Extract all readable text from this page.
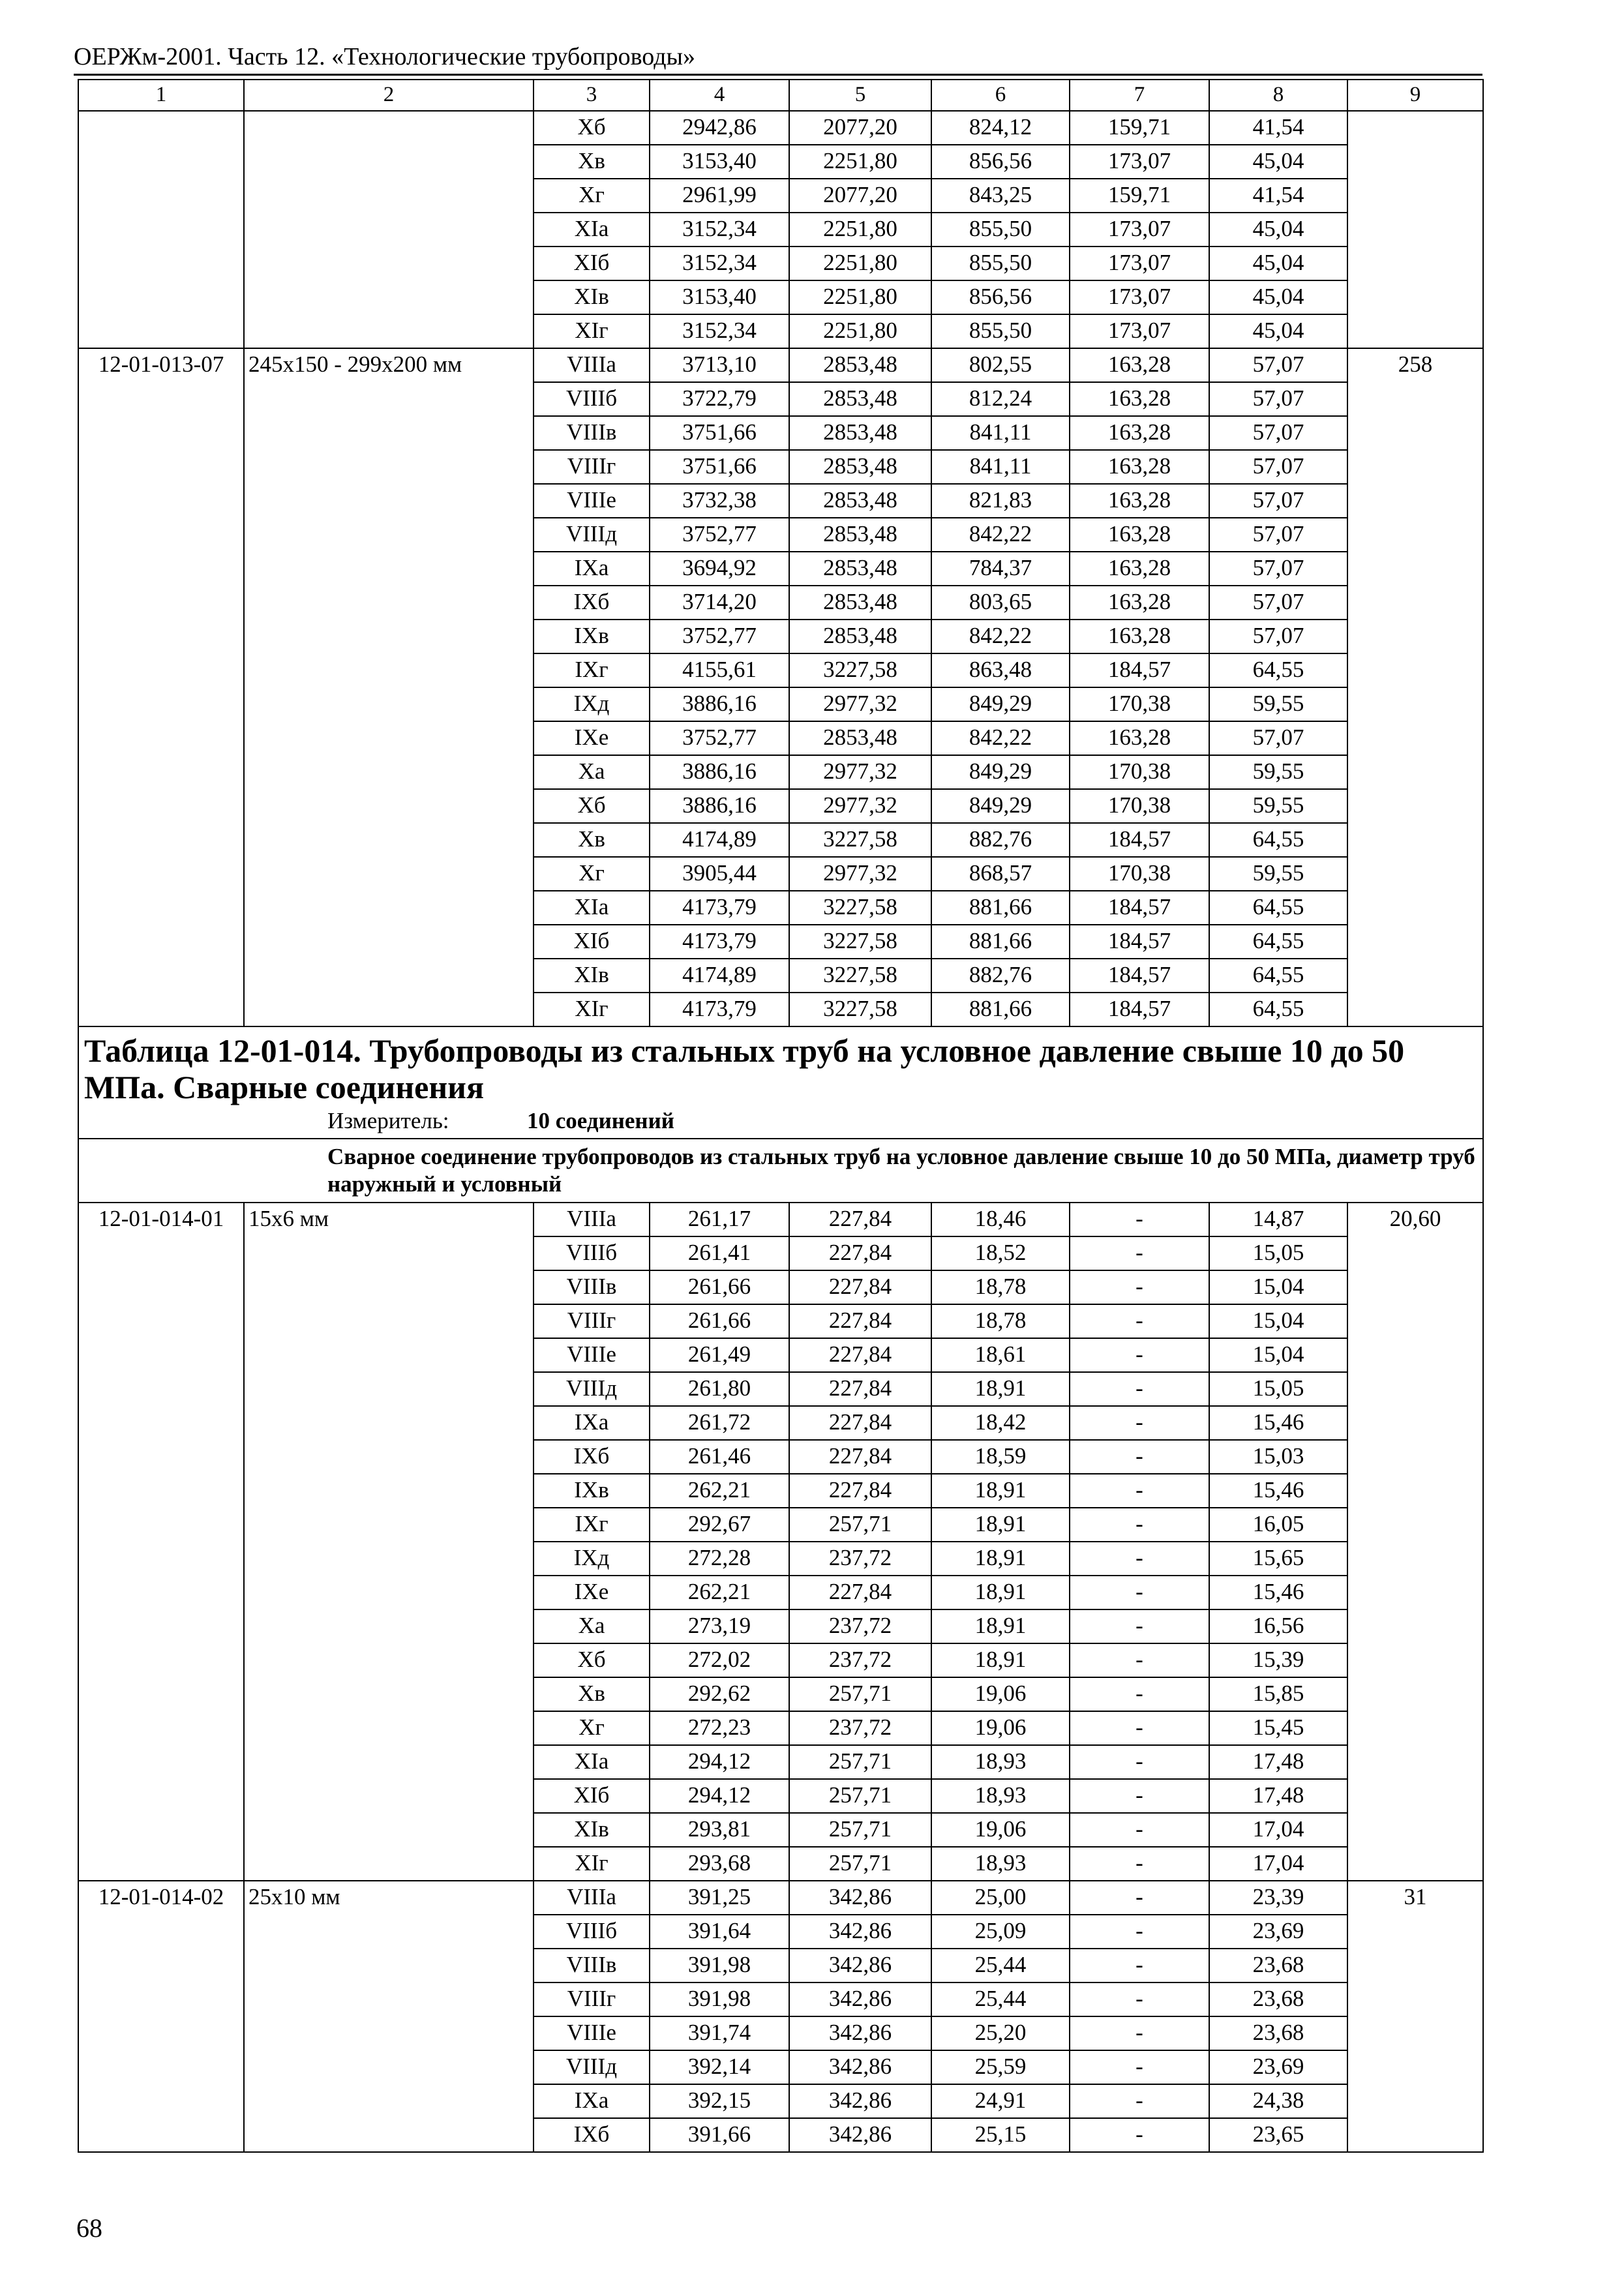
ОЕРЖм-2001. Часть 12. «Технологические трубопроводы»
1	2	3	4	5	6	7	8	9
		Xб	2942,86	2077,20	824,12	159,71	41,54	
		Xв	3153,40	2251,80	856,56	173,07	45,04	
		Xг	2961,99	2077,20	843,25	159,71	41,54	
		XIa	3152,34	2251,80	855,50	173,07	45,04	
		XIб	3152,34	2251,80	855,50	173,07	45,04	
		XIв	3153,40	2251,80	856,56	173,07	45,04	
		XIг	3152,34	2251,80	855,50	173,07	45,04	
12-01-013-07	245x150 - 299x200 мм	VIIIa	3713,10	2853,48	802,55	163,28	57,07	258
		VIIIб	3722,79	2853,48	812,24	163,28	57,07	
		VIIIв	3751,66	2853,48	841,11	163,28	57,07	
		VIIIг	3751,66	2853,48	841,11	163,28	57,07	
		VIIIe	3732,38	2853,48	821,83	163,28	57,07	
		VIIIд	3752,77	2853,48	842,22	163,28	57,07	
		IXa	3694,92	2853,48	784,37	163,28	57,07	
		IXб	3714,20	2853,48	803,65	163,28	57,07	
		IXв	3752,77	2853,48	842,22	163,28	57,07	
		IXг	4155,61	3227,58	863,48	184,57	64,55	
		IXд	3886,16	2977,32	849,29	170,38	59,55	
		IXe	3752,77	2853,48	842,22	163,28	57,07	
		Xa	3886,16	2977,32	849,29	170,38	59,55	
		Xб	3886,16	2977,32	849,29	170,38	59,55	
		Xв	4174,89	3227,58	882,76	184,57	64,55	
		Xг	3905,44	2977,32	868,57	170,38	59,55	
		XIa	4173,79	3227,58	881,66	184,57	64,55	
		XIб	4173,79	3227,58	881,66	184,57	64,55	
		XIв	4174,89	3227,58	882,76	184,57	64,55	
		XIг	4173,79	3227,58	881,66	184,57	64,55	
Таблица 12-01-014. Трубопроводы из стальных труб на условное давление свыше 10 до 50 МПа. Сварные соединения								
Измеритель: 10 соединений								

Сварное соединение трубопроводов из стальных труб на условное давление свыше 10 до 50 МПа, диаметр труб наружный и условный								

12-01-014-01	15x6 мм	VIIIa	261,17	227,84	18,46	-	14,87	20,60
		VIIIб	261,41	227,84	18,52	-	15,05	
		VIIIв	261,66	227,84	18,78	-	15,04	
		VIIIг	261,66	227,84	18,78	-	15,04	
		VIIIe	261,49	227,84	18,61	-	15,04	
		VIIIд	261,80	227,84	18,91	-	15,05	
		IXa	261,72	227,84	18,42	-	15,46	
		IXб	261,46	227,84	18,59	-	15,03	
		IXв	262,21	227,84	18,91	-	15,46	
		IXг	292,67	257,71	18,91	-	16,05	
		IXд	272,28	237,72	18,91	-	15,65	
		IXe	262,21	227,84	18,91	-	15,46	
		Xa	273,19	237,72	18,91	-	16,56	
		Xб	272,02	237,72	18,91	-	15,39	
		Xв	292,62	257,71	19,06	-	15,85	
		Xг	272,23	237,72	19,06	-	15,45	
		XIa	294,12	257,71	18,93	-	17,48	
		XIб	294,12	257,71	18,93	-	17,48	
		XIв	293,81	257,71	19,06	-	17,04	
		XIг	293,68	257,71	18,93	-	17,04	
12-01-014-02	25x10 мм	VIIIa	391,25	342,86	25,00	-	23,39	31
		VIIIб	391,64	342,86	25,09	-	23,69	
		VIIIв	391,98	342,86	25,44	-	23,68	
		VIIIг	391,98	342,86	25,44	-	23,68	
		VIIIe	391,74	342,86	25,20	-	23,68	
		VIIIд	392,14	342,86	25,59	-	23,69	
		IXa	392,15	342,86	24,91	-	24,38	
		IXб	391,66	342,86	25,15	-	23,65	
68
